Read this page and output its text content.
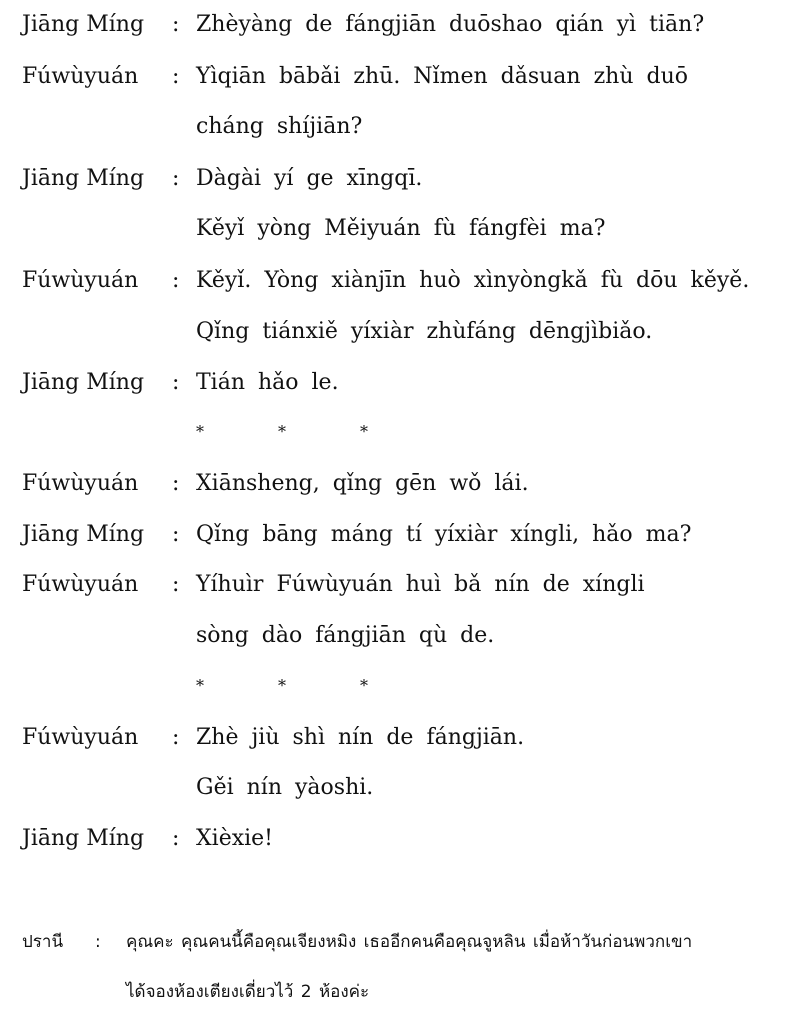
Jiāng Míng : Zhèyàng de fángjiān duōshao qián yì tiān?
Fúwùyuán : Yìqiān bābǎi zhū. Nǐmen dǎsuan zhù duō
cháng shíjiān?
Jiāng Míng : Dàgài yí ge xīngqī.
Kěyǐ yòng Měiyuán fù fángfèi ma?
Fúwùyuán : Kěyǐ. Yòng xiànjīn huò xìnyòngkǎ fù dōu kěyě.
Qǐng tiánxiě yíxiàr zhùfáng dēngjìbiǎo.
Jiāng Míng : Tián hǎo le.
*	*	*
Fúwùyuán : Xiānsheng, qǐng gēn wǒ lái.
Jiāng Míng : Qǐng bāng máng tí yíxiàr xíngli, hǎo ma?
Fúwùyuán : Yíhuìr Fúwùyuán huì bǎ nín de xíngli
sòng dào fángjiān qù de.
*	*	*
Fúwùyuán : Zhè jiù shì nín de fángjiān.
Gěi nín yàoshi.
Jiāng Míng : Xièxie!
ปรานี : คุณคะ คุณคนนี้คือคุณเจียงหมิง เธออีกคนคือคุณจูหลิน เมื่อห้าวันก่อนพวกเขา
ได้จองห้องเตียงเดี่ยวไว้ 2 ห้องค่ะ
